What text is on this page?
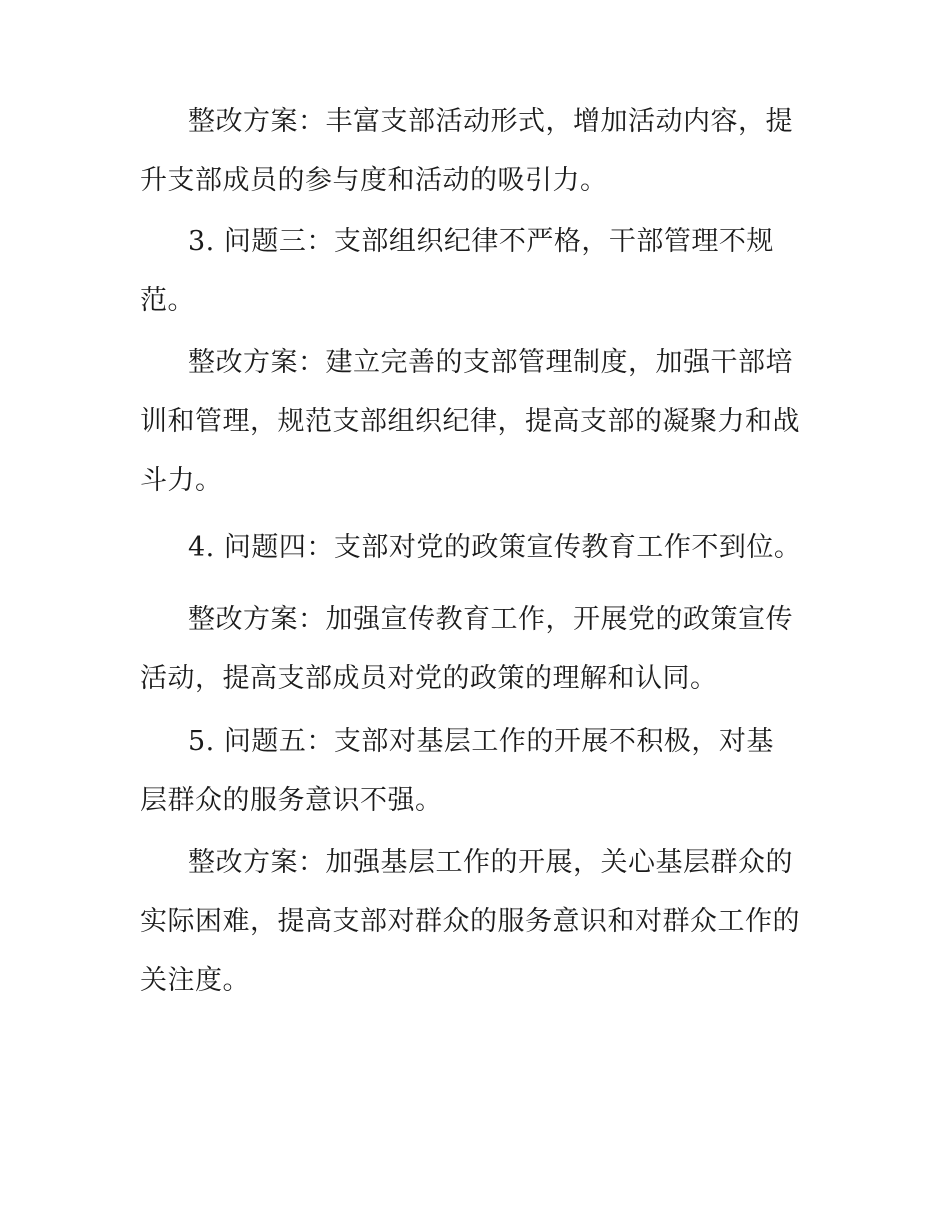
整改方案：丰富支部活动形式，增加活动内容，提
升支部成员的参与度和活动的吸引力。

3. 问题三：支部组织纪律不严格，干部管理不规
范。

整改方案：建立完善的支部管理制度，加强干部培
训和管理，规范支部组织纪律，提高支部的凝聚力和战
斗力。

4. 问题四：支部对党的政策宣传教育工作不到位。

整改方案：加强宣传教育工作，开展党的政策宣传
活动，提高支部成员对党的政策的理解和认同。

5. 问题五：支部对基层工作的开展不积极，对基
层群众的服务意识不强。

整改方案：加强基层工作的开展，关心基层群众的
实际困难，提高支部对群众的服务意识和对群众工作的
关注度。
